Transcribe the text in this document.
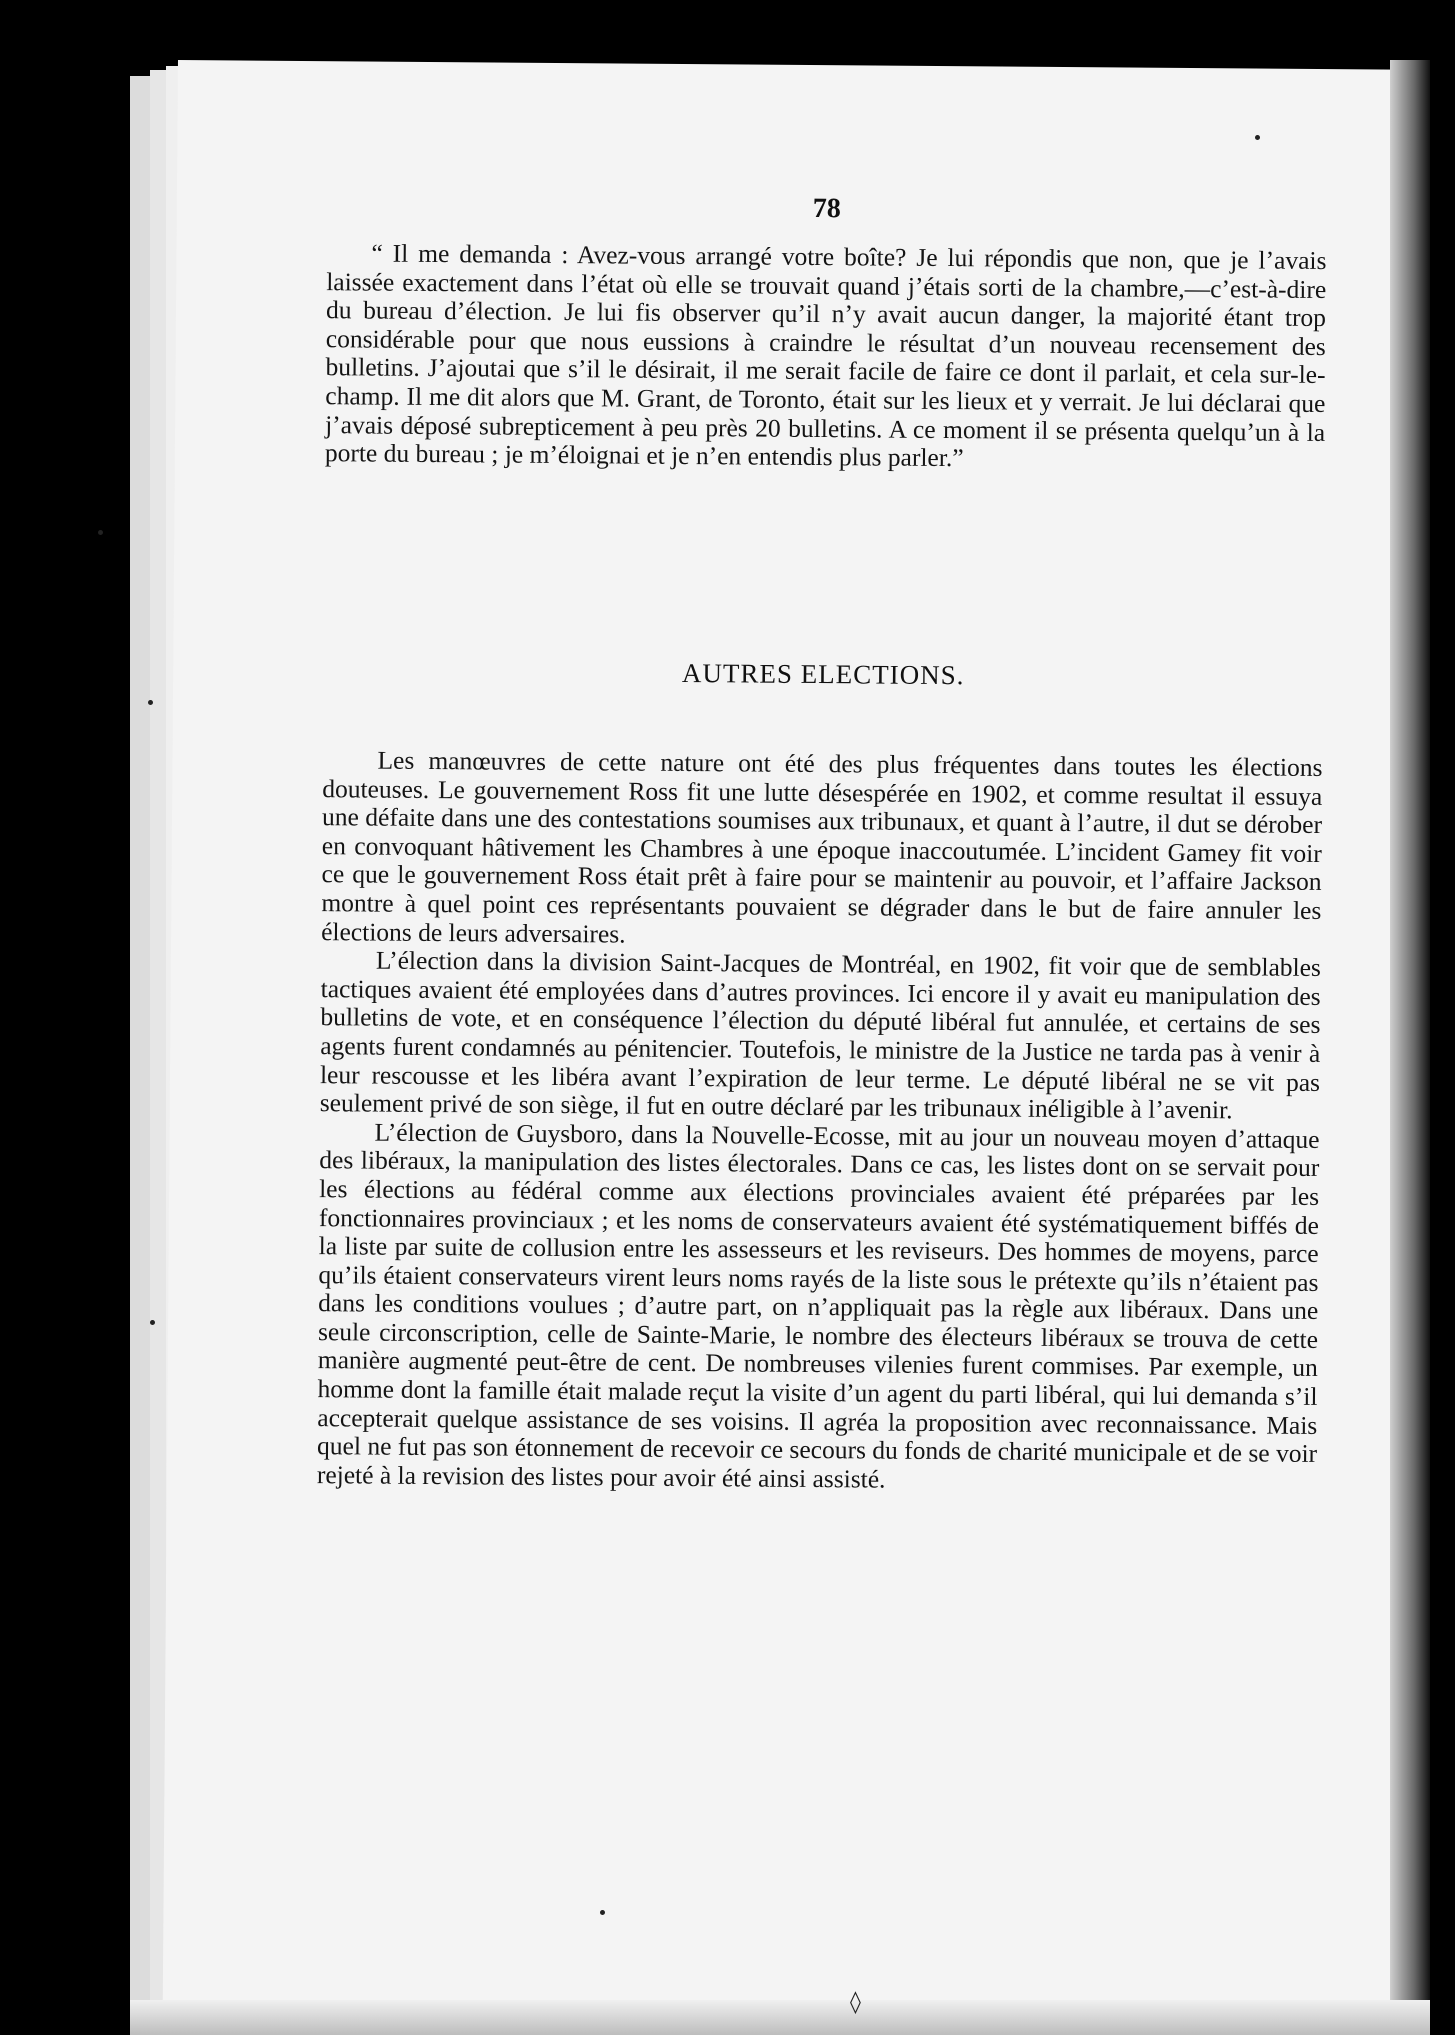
78

“ Il me demanda : Avez-vous arrangé votre boîte? Je lui répondis que non, que je l’avais laissée exactement dans l’état où elle se trouvait quand j’étais sorti de la chambre,—c’est-à-dire du bureau d’élection. Je lui fis observer qu’il n’y avait aucun danger, la majorité étant trop considérable pour que nous eussions à craindre le résultat d’un nouveau recensement des bulletins. J’ajoutai que s’il le désirait, il me serait facile de faire ce dont il parlait, et cela sur-le-champ. Il me dit alors que M. Grant, de Toronto, était sur les lieux et y verrait. Je lui déclarai que j’avais déposé subrepticement à peu près 20 bulletins. A ce moment il se présenta quelqu’un à la porte du bureau ; je m’éloignai et je n’en entendis plus parler.”

AUTRES ELECTIONS.

Les manœuvres de cette nature ont été des plus fréquentes dans toutes les élections douteuses. Le gouvernement Ross fit une lutte désespérée en 1902, et comme resultat il essuya une défaite dans une des contestations soumises aux tribunaux, et quant à l’autre, il dut se dérober en convoquant hâtivement les Chambres à une époque inaccoutumée. L’incident Gamey fit voir ce que le gouvernement Ross était prêt à faire pour se maintenir au pouvoir, et l’affaire Jackson montre à quel point ces représentants pouvaient se dégrader dans le but de faire annuler les élections de leurs adversaires.

L’élection dans la division Saint-Jacques de Montréal, en 1902, fit voir que de semblables tactiques avaient été employées dans d’autres provinces. Ici encore il y avait eu manipulation des bulletins de vote, et en conséquence l’élection du député libéral fut annulée, et certains de ses agents furent condamnés au pénitencier. Toutefois, le ministre de la Justice ne tarda pas à venir à leur rescousse et les libéra avant l’expiration de leur terme. Le député libéral ne se vit pas seulement privé de son siège, il fut en outre déclaré par les tribunaux inéligible à l’avenir.

L’élection de Guysboro, dans la Nouvelle-Ecosse, mit au jour un nouveau moyen d’attaque des libéraux, la manipulation des listes électorales. Dans ce cas, les listes dont on se servait pour les élections au fédéral comme aux élections provinciales avaient été préparées par les fonctionnaires provinciaux ; et les noms de conservateurs avaient été systématiquement biffés de la liste par suite de collusion entre les assesseurs et les reviseurs. Des hommes de moyens, parce qu’ils étaient conservateurs virent leurs noms rayés de la liste sous le prétexte qu’ils n’étaient pas dans les conditions voulues ; d’autre part, on n’appliquait pas la règle aux libéraux. Dans une seule circonscription, celle de Sainte-Marie, le nombre des électeurs libéraux se trouva de cette manière augmenté peut-être de cent. De nombreuses vilenies furent commises. Par exemple, un homme dont la famille était malade reçut la visite d’un agent du parti libéral, qui lui demanda s’il accepterait quelque assistance de ses voisins. Il agréa la proposition avec reconnaissance. Mais quel ne fut pas son étonnement de recevoir ce secours du fonds de charité municipale et de se voir rejeté à la revision des listes pour avoir été ainsi assisté.

◊
